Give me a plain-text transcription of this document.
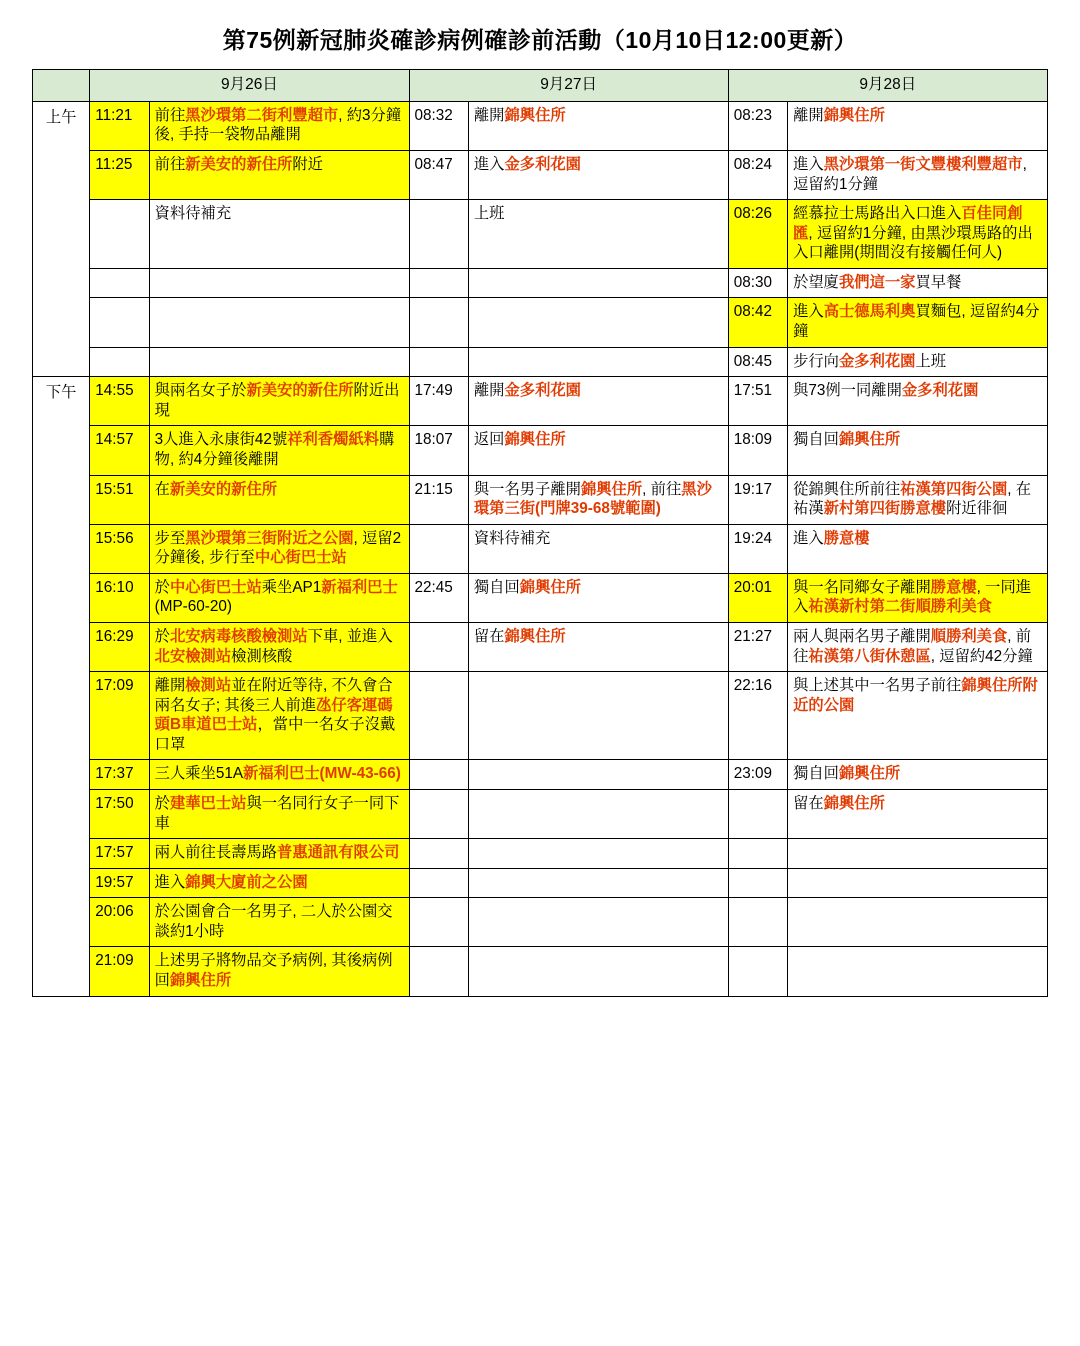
第75例新冠肺炎確診病例確診前活動（10月10日12:00更新）
	9月26日		9月27日		9月28日	
上午	11:21	前往黑沙環第二街利豐超市, 約3分鐘後, 手持一袋物品離開	08:32	離開錦興住所	08:23	離開錦興住所
	11:25	前往新美安的新住所附近	08:47	進入金多利花園	08:24	進入黑沙環第一街文豐樓利豐超市, 逗留約1分鐘
		資料待補充		上班	08:26	經慕拉士馬路出入口進入百佳同創匯, 逗留約1分鐘, 由黑沙環馬路的出入口離開(期間沒有接觸任何人)
					08:30	於望廈我們這一家買早餐
					08:42	進入高士德馬利奧買麵包, 逗留約4分鐘
					08:45	步行向金多利花園上班
下午	14:55	與兩名女子於新美安的新住所附近出現	17:49	離開金多利花園	17:51	與73例一同離開金多利花園
	14:57	3人進入永康街42號祥利香燭紙料購物, 約4分鐘後離開	18:07	返回錦興住所	18:09	獨自回錦興住所
	15:51	在新美安的新住所	21:15	與一名男子離開錦興住所, 前往黑沙環第三街(門牌39-68號範圍)	19:17	從錦興住所前往祐漢第四街公園, 在祐漢新村第四街勝意樓附近徘徊
	15:56	步至黑沙環第三街附近之公園, 逗留2分鐘後, 步行至中心街巴士站		資料待補充	19:24	進入勝意樓
	16:10	於中心街巴士站乘坐AP1新福利巴士(MP-60-20)	22:45	獨自回錦興住所	20:01	與一名同鄉女子離開勝意樓, 一同進入祐漢新村第二街順勝利美食
	16:29	於北安病毒核酸檢測站下車, 並進入北安檢測站檢測核酸		留在錦興住所	21:27	兩人與兩名男子離開順勝利美食, 前往祐漢第八街休憩區, 逗留約42分鐘
	17:09	離開檢測站並在附近等待, 不久會合兩名女子; 其後三人前進氹仔客運碼頭B車道巴士站，當中一名女子沒戴口罩			22:16	與上述其中一名男子前往錦興住所附近的公園
	17:37	三人乘坐51A新福利巴士(MW-43-66)			23:09	獨自回錦興住所
	17:50	於建華巴士站與一名同行女子一同下車				留在錦興住所
	17:57	兩人前往長壽馬路普惠通訊有限公司				
	19:57	進入錦興大廈前之公園				
	20:06	於公園會合一名男子, 二人於公園交談約1小時				
	21:09	上述男子將物品交予病例, 其後病例回錦興住所				
